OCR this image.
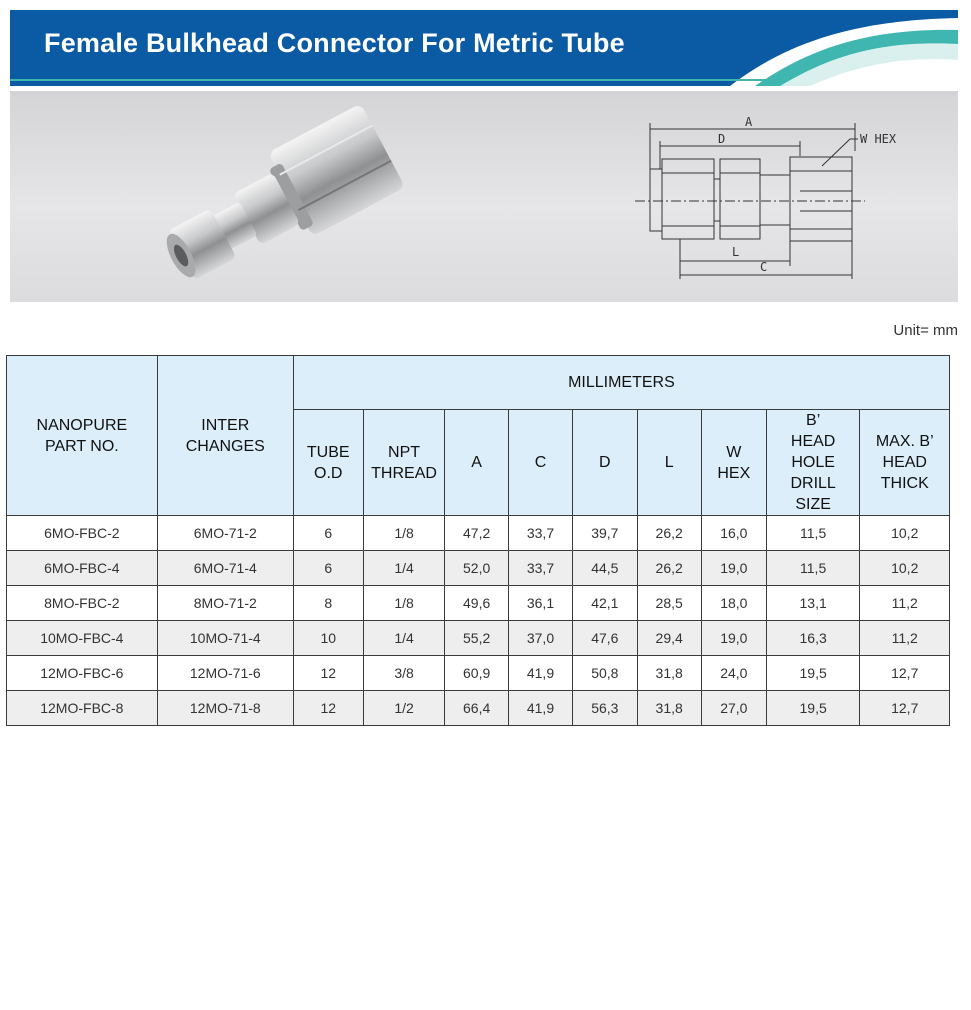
Female Bulkhead Connector For Metric Tube
A
D	W HEX
L
C
Unit= mm
NANOPURE PART NO.	INTER CHANGES	MILLIMETERS								
		TUBE O.D	NPT THREAD	A	C	D	L	W HEX	B’ HEAD HOLE DRILL SIZE	MAX. B’ HEAD THICK
6MO-FBC-2	6MO-71-2	6	1/8	47,2	33,7	39,7	26,2	16,0	11,5	10,2
6MO-FBC-4	6MO-71-4	6	1/4	52,0	33,7	44,5	26,2	19,0	11,5	10,2
8MO-FBC-2	8MO-71-2	8	1/8	49,6	36,1	42,1	28,5	18,0	13,1	11,2
10MO-FBC-4	10MO-71-4	10	1/4	55,2	37,0	47,6	29,4	19,0	16,3	11,2
12MO-FBC-6	12MO-71-6	12	3/8	60,9	41,9	50,8	31,8	24,0	19,5	12,7
12MO-FBC-8	12MO-71-8	12	1/2	66,4	41,9	56,3	31,8	27,0	19,5	12,7
